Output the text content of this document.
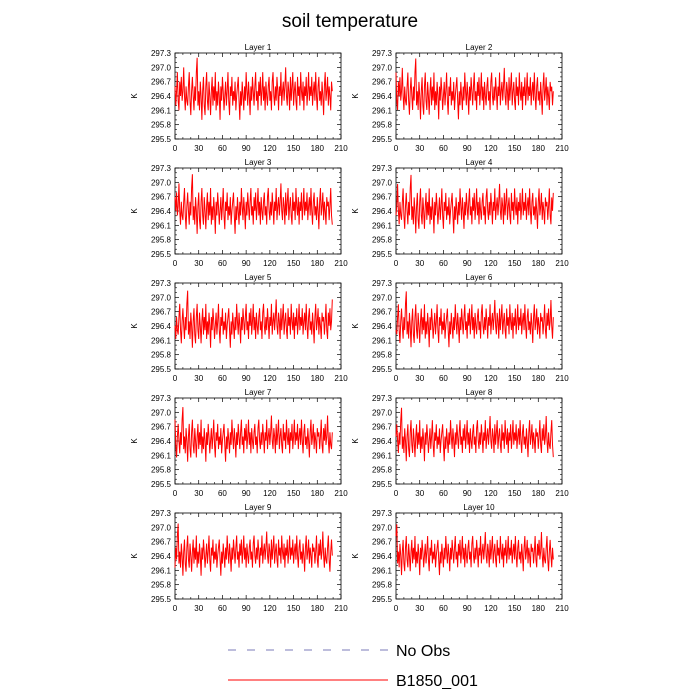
soil temperature
Layer 1
0 30 60 90 120 150 180 210
295.5
295.8
296.1
296.4
296.7
297.0
297.3
K
Layer 2
0 30 60 90 120 150 180 210
295.5
295.8
296.1
296.4
296.7
297.0
297.3
K
Layer 3
0 30 60 90 120 150 180 210
295.5
295.8
296.1
296.4
296.7
297.0
297.3
K
Layer 4
0 30 60 90 120 150 180 210
295.5
295.8
296.1
296.4
296.7
297.0
297.3
K
Layer 5
0 30 60 90 120 150 180 210
295.5
295.8
296.1
296.4
296.7
297.0
297.3
K
Layer 6
0 30 60 90 120 150 180 210
295.5
295.8
296.1
296.4
296.7
297.0
297.3
K
Layer 7
0 30 60 90 120 150 180 210
295.5
295.8
296.1
296.4
296.7
297.0
297.3
K
Layer 8
0 30 60 90 120 150 180 210
295.5
295.8
296.1
296.4
296.7
297.0
297.3
K
Layer 9
0 30 60 90 120 150 180 210
295.5
295.8
296.1
296.4
296.7
297.0
297.3
K
Layer 10
0 30 60 90 120 150 180 210
295.5
295.8
296.1
296.4
296.7
297.0
297.3
K
No Obs
B1850_001
